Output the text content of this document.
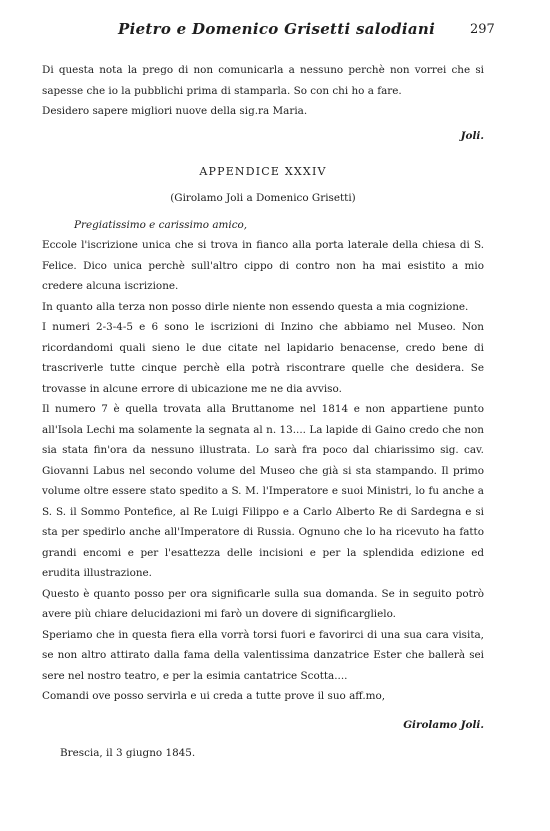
Pietro e Domenico Grisetti salodiani	297

Di questa nota la prego di non comunicarla a nessuno perchè non vorrei che si sapesse che io la pubblichi prima di stamparla. So con chi ho a fare.

Desidero sapere migliori nuove della sig.ra Maria.

Joli.

APPENDICE XXXIV

(Girolamo Joli a Domenico Grisetti)

Pregiatissimo e carissimo amico,

Eccole l'iscrizione unica che si trova in fianco alla porta laterale della chiesa di S. Felice. Dico unica perchè sull'altro cippo di contro non ha mai esistito a mio credere alcuna iscrizione.

In quanto alla terza non posso dirle niente non essendo questa a mia cognizione.

I numeri 2-3-4-5 e 6 sono le iscrizioni di Inzino che abbiamo nel Museo. Non ricordandomi quali sieno le due citate nel lapidario benacense, credo bene di trascriverle tutte cinque perchè ella potrà riscontrare quelle che desidera. Se trovasse in alcune errore di ubicazione me ne dia avviso.

Il numero 7 è quella trovata alla Bruttanome nel 1814 e non appartiene punto all'Isola Lechi ma solamente la segnata al n. 13.... La lapide di Gaino credo che non sia stata fin'ora da nessuno illustrata. Lo sarà fra poco dal chiarissimo sig. cav. Giovanni Labus nel secondo volume del Museo che già si sta stampando. Il primo volume oltre essere stato spedito a S. M. l'Imperatore e suoi Ministri, lo fu anche a S. S. il Sommo Pontefice, al Re Luigi Filippo e a Carlo Alberto Re di Sardegna e si sta per spedirlo anche all'Imperatore di Russia. Ognuno che lo ha ricevuto ha fatto grandi encomi e per l'esattezza delle incisioni e per la splendida edizione ed erudita illustrazione.

Questo è quanto posso per ora significarle sulla sua domanda. Se in seguito potrò avere più chiare delucidazioni mi farò un dovere di significarglielo.

Speriamo che in questa fiera ella vorrà torsi fuori e favorirci di una sua cara visita, se non altro attirato dalla fama della valentissima danzatrice Ester che ballerà sei sere nel nostro teatro, e per la esimia cantatrice Scotta....

Comandi ove posso servirla e ui creda a tutte prove il suo aff.mo,

Girolamo Joli.

Brescia, il 3 giugno 1845.
